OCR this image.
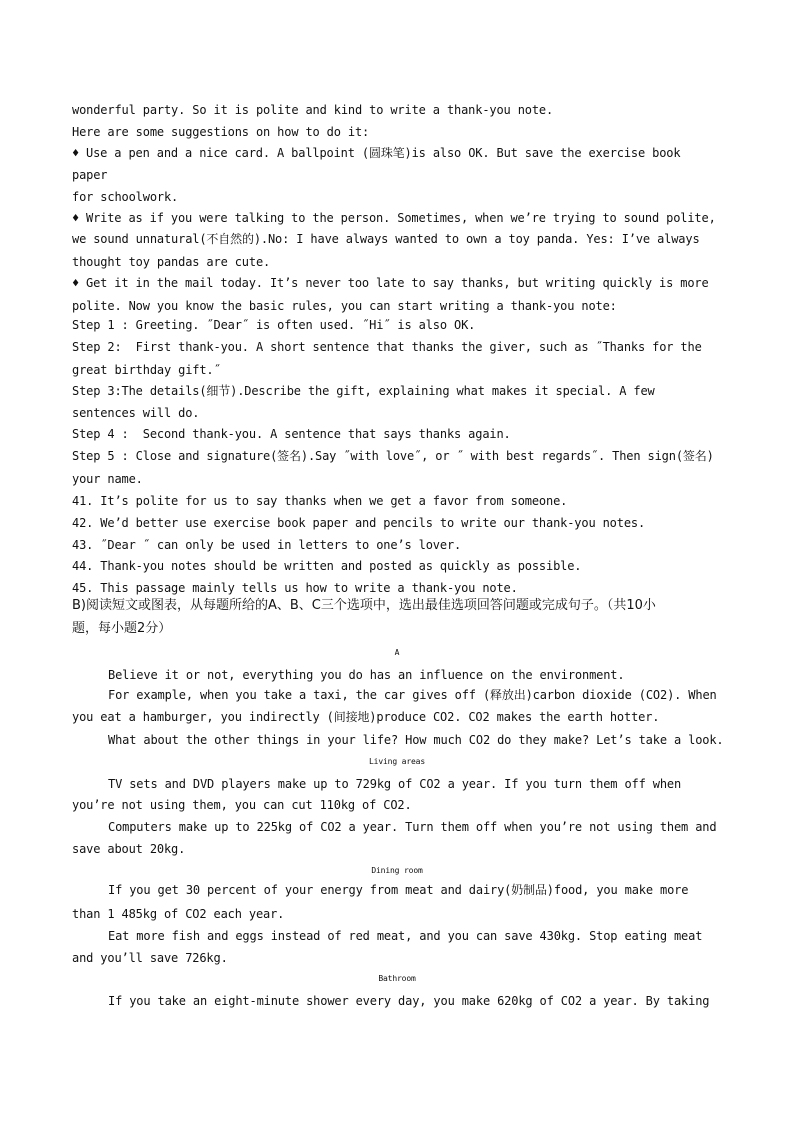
wonderful party. So it is polite and kind to write a thank-you note.
Here are some suggestions on how to do it:
♦ Use a pen and a nice card. A ballpoint (圆珠笔)is also OK. But save the exercise book
paper
for schoolwork.
♦ Write as if you were talking to the person. Sometimes, when we’re trying to sound polite,
we sound unnatural(不自然的).No: I have always wanted to own a toy panda. Yes: I’ve always
thought toy pandas are cute.
♦ Get it in the mail today. It’s never too late to say thanks, but writing quickly is more
polite. Now you know the basic rules, you can start writing a thank-you note:
Step 1 : Greeting. ˝Dear˝ is often used. ˝Hi˝ is also OK.
Step 2:  First thank-you. A short sentence that thanks the giver, such as ˝Thanks for the
great birthday gift.˝
Step 3:The details(细节).Describe the gift, explaining what makes it special. A few
sentences will do.
Step 4 :  Second thank-you. A sentence that says thanks again.
Step 5 : Close and signature(签名).Say ˝with love˝, or ˝ with best regards˝. Then sign(签名)
your name.
41. It’s polite for us to say thanks when we get a favor from someone.
42. We’d better use exercise book paper and pencils to write our thank-you notes.
43. ˝Dear ˝ can only be used in letters to one’s lover.
44. Thank-you notes should be written and posted as quickly as possible.
45. This passage mainly tells us how to write a thank-you note.
B)阅读短文或图表，从每题所给的A、B、C三个选项中，选出最佳选项回答问题或完成句子。（共10小
题，每小题2分）
A
Believe it or not, everything you do has an influence on the environment.
For example, when you take a taxi, the car gives off (释放出)carbon dioxide (CO2). When
you eat a hamburger, you indirectly (间接地)produce CO2. CO2 makes the earth hotter.
What about the other things in your life? How much CO2 do they make? Let’s take a look.
Living areas
TV sets and DVD players make up to 729kg of CO2 a year. If you turn them off when
you’re not using them, you can cut 110kg of CO2.
Computers make up to 225kg of CO2 a year. Turn them off when you’re not using them and
save about 20kg.
Dining room
If you get 30 percent of your energy from meat and dairy(奶制品)food, you make more
than 1 485kg of CO2 each year.
Eat more fish and eggs instead of red meat, and you can save 430kg. Stop eating meat
and you’ll save 726kg.
Bathroom
If you take an eight-minute shower every day, you make 620kg of CO2 a year. By taking
